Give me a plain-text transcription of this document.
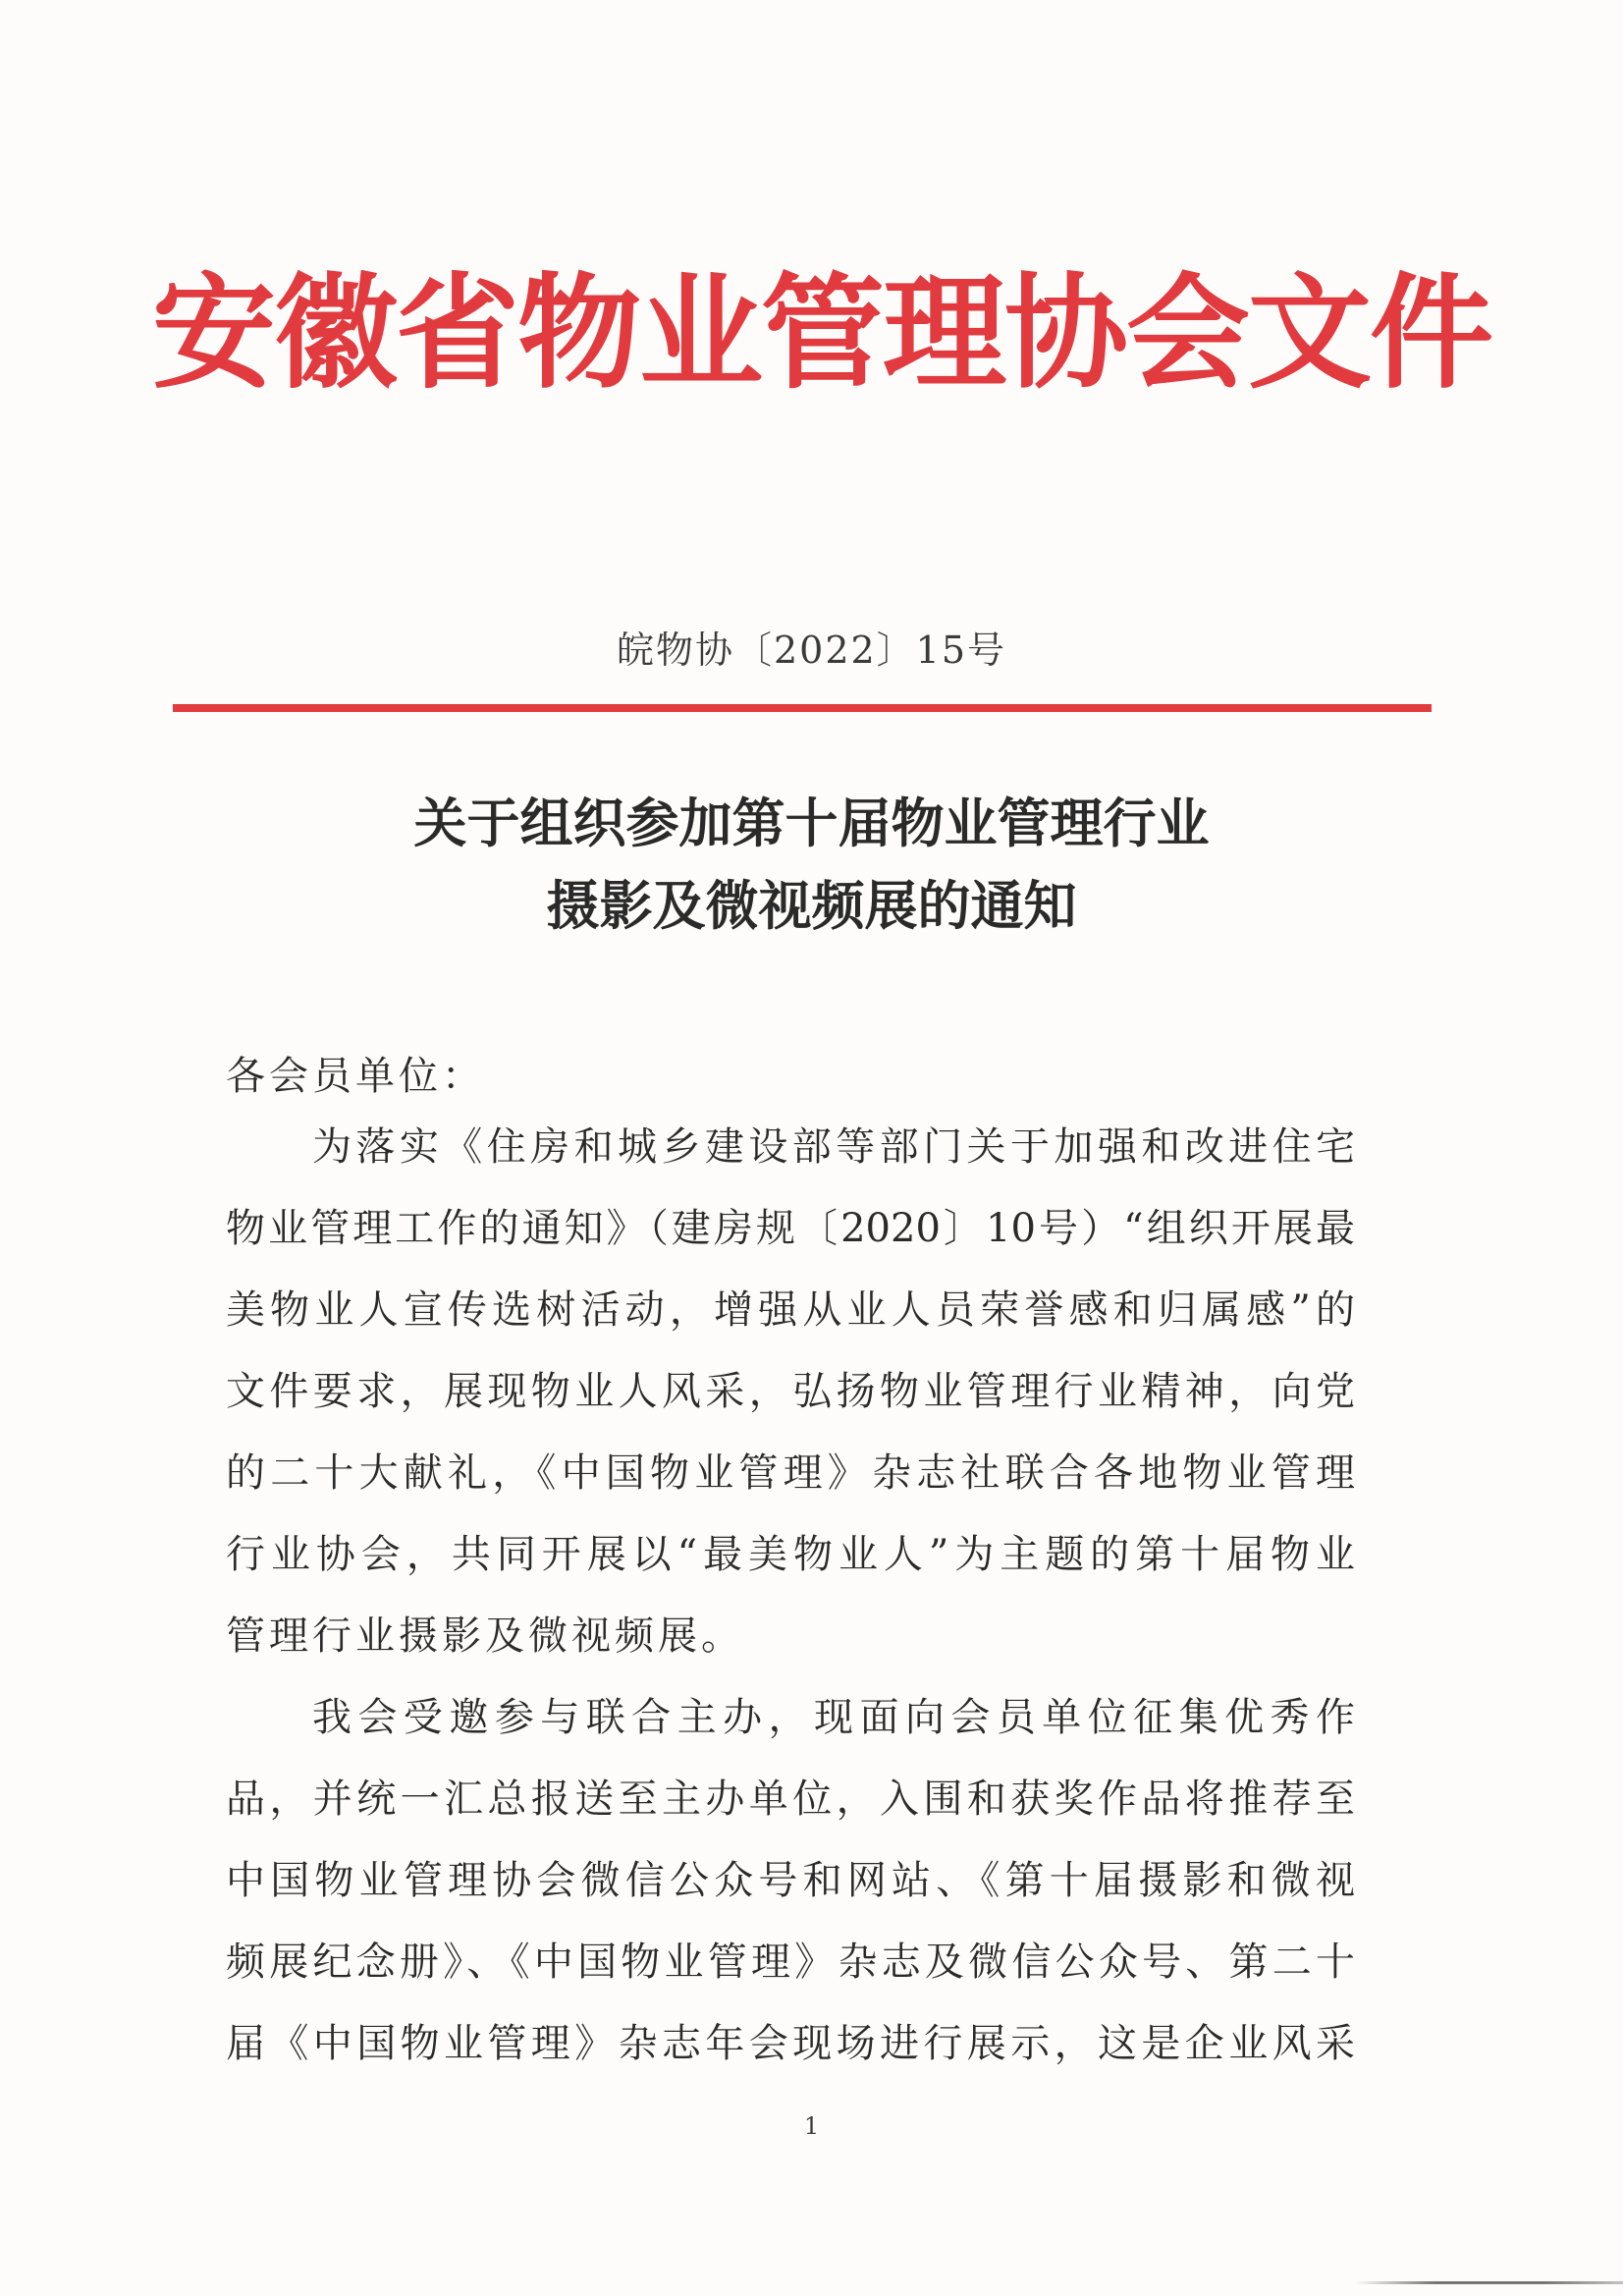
安徽省物业管理协会文件
皖物协〔2022〕15号
关于组织参加第十届物业管理行业
摄影及微视频展的通知

各会员单位：

为落实《住房和城乡建设部等部门关于加强和改进住宅

物业管理工作的通知》（建房规〔2020〕10号）“组织开展最

美物业人宣传选树活动，增强从业人员荣誉感和归属感”的

文件要求，展现物业人风采，弘扬物业管理行业精神，向党

的二十大献礼，《中国物业管理》杂志社联合各地物业管理

行业协会，共同开展以“最美物业人”为主题的第十届物业

管理行业摄影及微视频展。

我会受邀参与联合主办，现面向会员单位征集优秀作

品，并统一汇总报送至主办单位，入围和获奖作品将推荐至

中国物业管理协会微信公众号和网站、《第十届摄影和微视

频展纪念册》、《中国物业管理》杂志及微信公众号、第二十

届《中国物业管理》杂志年会现场进行展示，这是企业风采

1
